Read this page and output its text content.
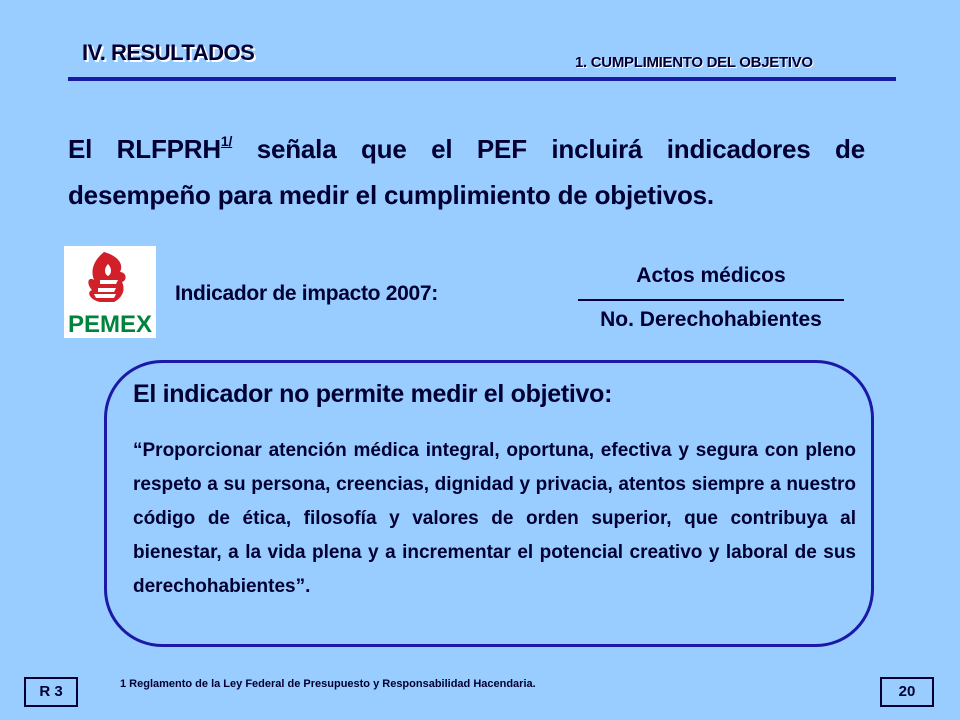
IV. RESULTADOS	1. CUMPLIMIENTO DEL OBJETIVO
El $RLFPRH^{1/}$ señala que el PEF incluirá indicadores de desempeño para medir el cumplimiento de objetivos.
PEMEX
Indicador de impacto 2007:
Actos médicos
No. Derechohabientes
El indicador no permite medir el objetivo:
“Proporcionar atención médica integral, oportuna, efectiva y segura con pleno respeto a su persona, creencias, dignidad y privacia, atentos siempre a nuestro código de ética, filosofía y valores de orden superior, que contribuya al bienestar, a la vida plena y a incrementar el potencial creativo y laboral de sus derechohabientes”.
R 3	1 Reglamento de la Ley Federal de Presupuesto y Responsabilidad Hacendaria.	20
